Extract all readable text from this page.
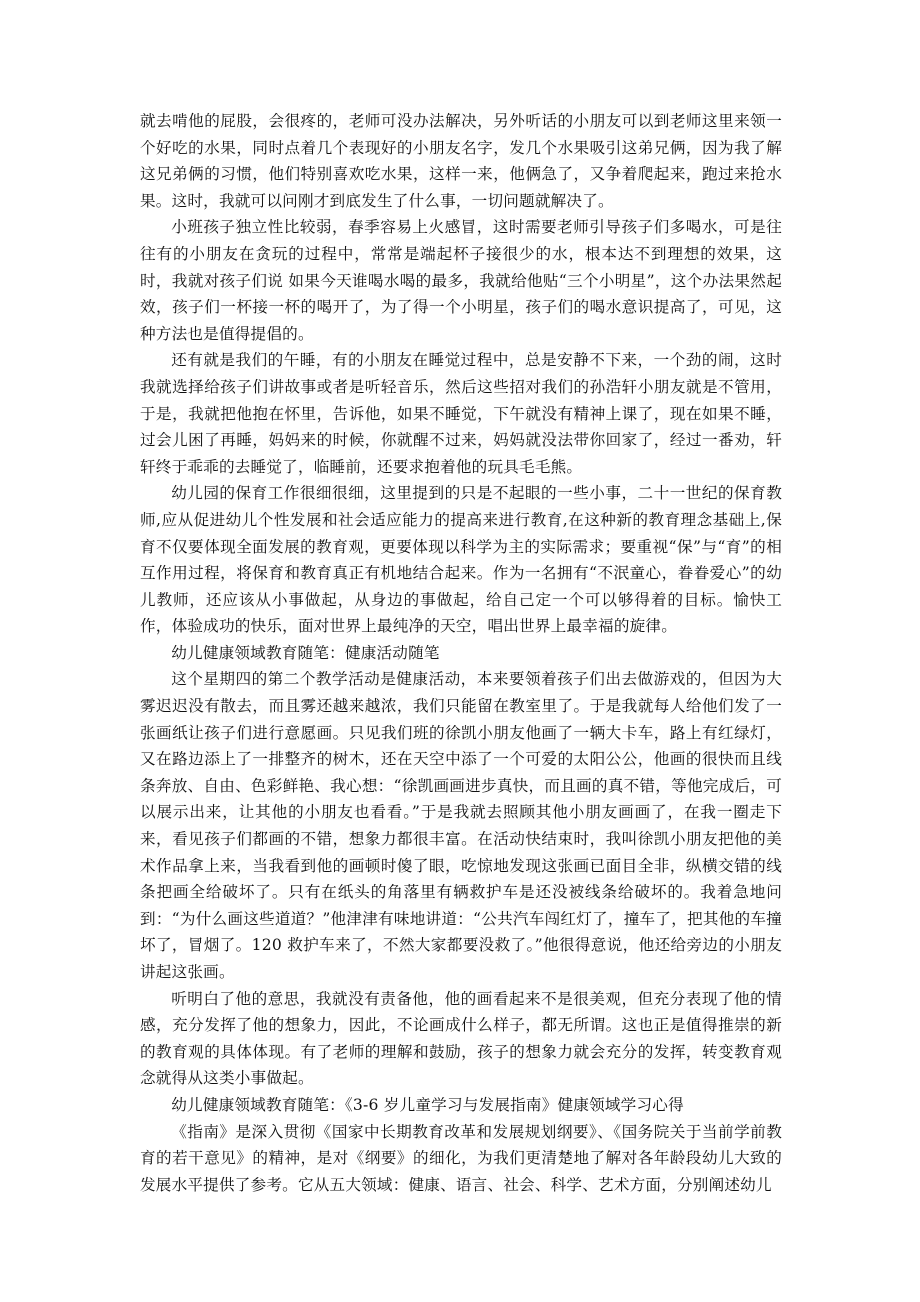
就去啃他的屁股，会很疼的，老师可没办法解决，另外听话的小朋友可以到老师这里来领一个好吃的水果，同时点着几个表现好的小朋友名字，发几个水果吸引这弟兄俩，因为我了解这兄弟俩的习惯，他们特别喜欢吃水果，这样一来，他俩急了，又争着爬起来，跑过来抢水果。这时，我就可以问刚才到底发生了什么事，一切问题就解决了。

小班孩子独立性比较弱，春季容易上火感冒，这时需要老师引导孩子们多喝水，可是往往有的小朋友在贪玩的过程中，常常是端起杯子接很少的水，根本达不到理想的效果，这时，我就对孩子们说 如果今天谁喝水喝的最多，我就给他贴“三个小明星”，这个办法果然起效，孩子们一杯接一杯的喝开了，为了得一个小明星，孩子们的喝水意识提高了，可见，这种方法也是值得提倡的。

还有就是我们的午睡，有的小朋友在睡觉过程中，总是安静不下来，一个劲的闹，这时我就选择给孩子们讲故事或者是听轻音乐，然后这些招对我们的孙浩轩小朋友就是不管用，于是，我就把他抱在怀里，告诉他，如果不睡觉，下午就没有精神上课了，现在如果不睡，过会儿困了再睡，妈妈来的时候，你就醒不过来，妈妈就没法带你回家了，经过一番劝，轩轩终于乖乖的去睡觉了，临睡前，还要求抱着他的玩具毛毛熊。

幼儿园的保育工作很细很细，这里提到的只是不起眼的一些小事，二十一世纪的保育教师,应从促进幼儿个性发展和社会适应能力的提高来进行教育,在这种新的教育理念基础上,保育不仅要体现全面发展的教育观，更要体现以科学为主的实际需求；要重视“保”与“育”的相互作用过程，将保育和教育真正有机地结合起来。作为一名拥有“不泯童心，眷眷爱心”的幼儿教师，还应该从小事做起，从身边的事做起，给自己定一个可以够得着的目标。愉快工作，体验成功的快乐，面对世界上最纯净的天空，唱出世界上最幸福的旋律。

幼儿健康领域教育随笔：健康活动随笔

这个星期四的第二个教学活动是健康活动，本来要领着孩子们出去做游戏的，但因为大雾迟迟没有散去，而且雾还越来越浓，我们只能留在教室里了。于是我就每人给他们发了一张画纸让孩子们进行意愿画。只见我们班的徐凯小朋友他画了一辆大卡车，路上有红绿灯，又在路边添上了一排整齐的树木，还在天空中添了一个可爱的太阳公公，他画的很快而且线条奔放、自由、色彩鲜艳、我心想：“徐凯画画进步真快，而且画的真不错，等他完成后，可以展示出来，让其他的小朋友也看看。”于是我就去照顾其他小朋友画画了，在我一圈走下来，看见孩子们都画的不错，想象力都很丰富。在活动快结束时，我叫徐凯小朋友把他的美术作品拿上来，当我看到他的画顿时傻了眼，吃惊地发现这张画已面目全非，纵横交错的线条把画全给破坏了。只有在纸头的角落里有辆救护车是还没被线条给破坏的。我着急地问到：“为什么画这些道道？”他津津有味地讲道：“公共汽车闯红灯了，撞车了，把其他的车撞坏了，冒烟了。120 救护车来了，不然大家都要没救了。”他很得意说，他还给旁边的小朋友讲起这张画。

听明白了他的意思，我就没有责备他，他的画看起来不是很美观，但充分表现了他的情感，充分发挥了他的想象力，因此，不论画成什么样子，都无所谓。这也正是值得推崇的新的教育观的具体体现。有了老师的理解和鼓励，孩子的想象力就会充分的发挥，转变教育观念就得从这类小事做起。

幼儿健康领域教育随笔：《3-6 岁儿童学习与发展指南》健康领域学习心得

《指南》是深入贯彻《国家中长期教育改革和发展规划纲要》、《国务院关于当前学前教育的若干意见》的精神，是对《纲要》的细化，为我们更清楚地了解对各年龄段幼儿大致的发展水平提供了参考。它从五大领域：健康、语言、社会、科学、艺术方面，分别阐述幼儿
